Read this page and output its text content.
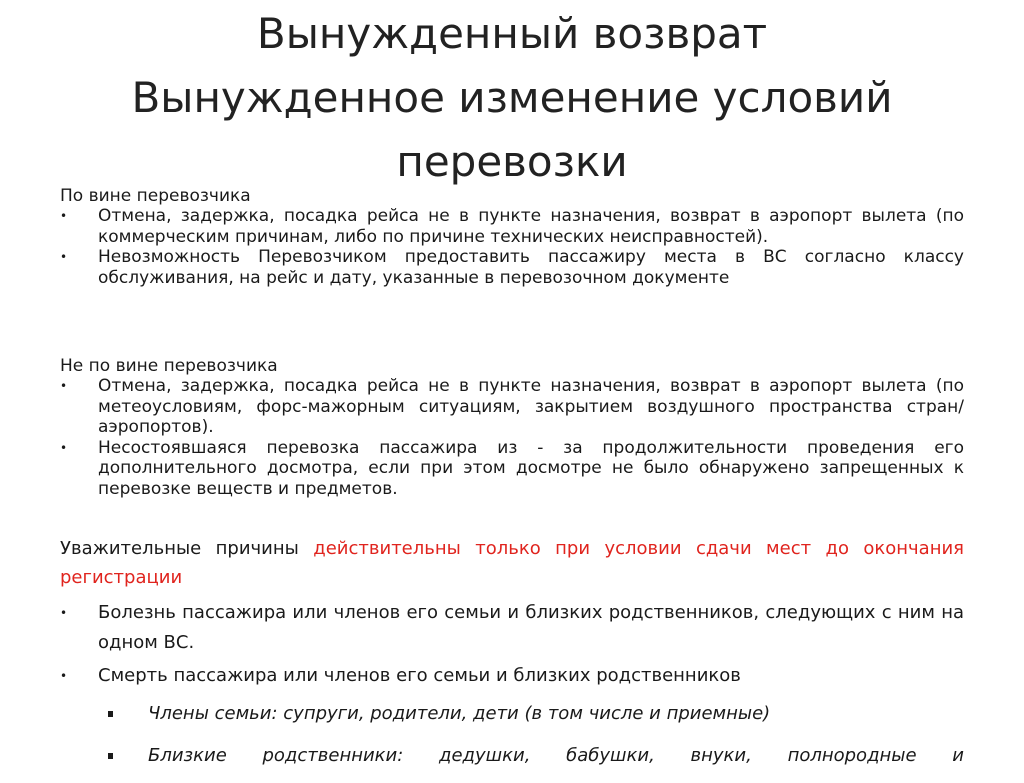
Вынужденный возврат
Вынужденное изменение условий
перевозки
По вине перевозчика
• Отмена, задержка, посадка рейса не в пункте назначения, возврат в аэропорт вылета (по коммерческим причинам, либо по причине технических неисправностей).
• Невозможность Перевозчиком предоставить пассажиру места в ВС согласно классу обслуживания, на рейс и дату, указанные в перевозочном документе
Не по вине перевозчика
• Отмена, задержка, посадка рейса не в пункте назначения, возврат в аэропорт вылета (по метеоусловиям, форс-мажорным ситуациям, закрытием воздушного пространства стран/аэропортов).
• Несостоявшаяся перевозка пассажира из - за продолжительности проведения его дополнительного досмотра, если при этом досмотре не было обнаружено запрещенных к перевозке веществ и предметов.
Уважительные причины действительны только при условии сдачи мест до окончания регистрации
• Болезнь пассажира или членов его семьи и близких родственников, следующих с ним на одном ВС.
• Смерть пассажира или членов его семьи и близких родственников
Члены семьи: супруги, родители, дети (в том числе и приемные)
Близкие родственники: дедушки, бабушки, внуки, полнородные и
